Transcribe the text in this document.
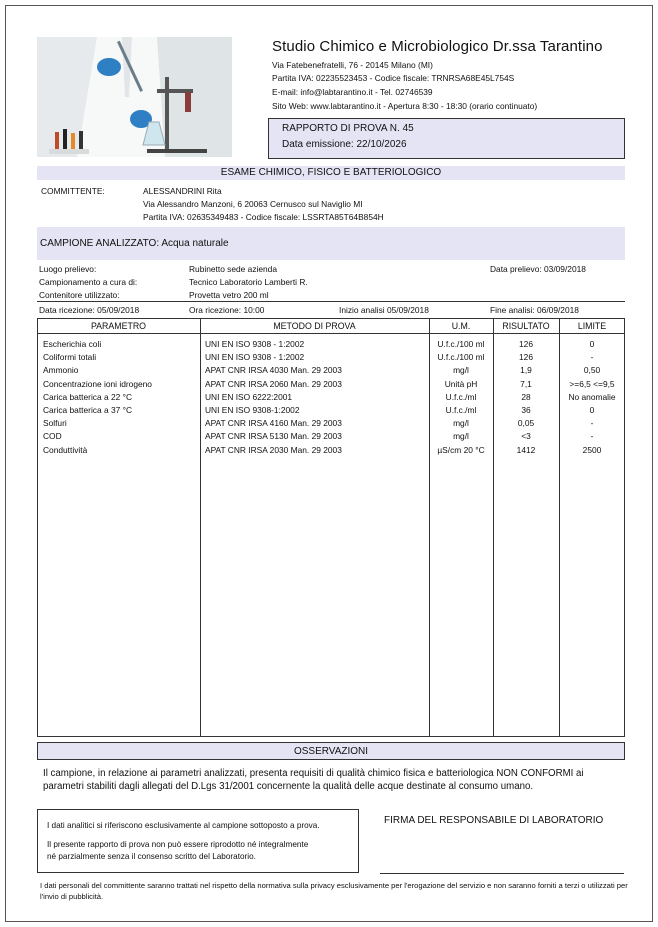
Studio Chimico e Microbiologico Dr.ssa Tarantino
Via Fatebenefratelli, 76 - 20145 Milano (MI)
Partita IVA: 02235523453 - Codice fiscale: TRNRSA68E45L754S
E-mail: info@labtarantino.it - Tel. 02746539
Sito Web: www.labtarantino.it - Apertura 8:30 - 18:30 (orario continuato)
RAPPORTO DI PROVA N. 45
Data emissione: 22/10/2026
ESAME CHIMICO, FISICO E BATTERIOLOGICO
COMMITTENTE:	ALESSANDRINI Rita
Via Alessandro Manzoni, 6 20063 Cernusco sul Naviglio MI
Partita IVA: 02635349483 - Codice fiscale: LSSRTA85T64B854H
CAMPIONE ANALIZZATO: Acqua naturale
Luogo prelievo:	Rubinetto sede azienda	Data prelievo: 03/09/2018
Campionamento a cura di:	Tecnico Laboratorio Lamberti R.
Contenitore utilizzato:	Provetta vetro 200 ml
Data ricezione: 05/09/2018	Ora ricezione: 10:00	Inizio analisi 05/09/2018	Fine analisi: 06/09/2018
PARAMETRO	METODO DI PROVA	U.M.	RISULTATO	LIMITE
Escherichia coli	UNI EN ISO 9308 - 1:2002	U.f.c./100 ml	126	0
Coliformi totali	UNI EN ISO 9308 - 1:2002	U.f.c./100 ml	126	-
Ammonio	APAT CNR IRSA 4030 Man. 29 2003	mg/l	1,9	0,50
Concentrazione ioni idrogeno	APAT CNR IRSA 2060 Man. 29 2003	Unità pH	7,1	>=6,5 <=9,5
Carica batterica a 22 °C	UNI EN ISO 6222:2001	U.f.c./ml	28	No anomalie
Carica batterica a 37 °C	UNI EN ISO 9308-1:2002	U.f.c./ml	36	0
Solfuri	APAT CNR IRSA 4160 Man. 29 2003	mg/l	0,05	-
COD	APAT CNR IRSA 5130 Man. 29 2003	mg/l	<3	-
Conduttività	APAT CNR IRSA 2030 Man. 29 2003	µS/cm 20 °C	1412	2500
OSSERVAZIONI
Il campione, in relazione ai parametri analizzati, presenta requisiti di qualità chimico fisica e batteriologica NON CONFORMI ai parametri stabiliti dagli allegati del D.Lgs 31/2001 concernente la qualità delle acque destinate al consumo umano.
I dati analitici si riferiscono esclusivamente al campione sottoposto a prova.
Il presente rapporto di prova non può essere riprodotto né integralmente
né parzialmente senza il consenso scritto del Laboratorio.
FIRMA DEL RESPONSABILE DI LABORATORIO
I dati personali del committente saranno trattati nel rispetto della normativa sulla privacy esclusivamente per l'erogazione del servizio e non saranno forniti a terzi o utilizzati per l'invio di pubblicità.
